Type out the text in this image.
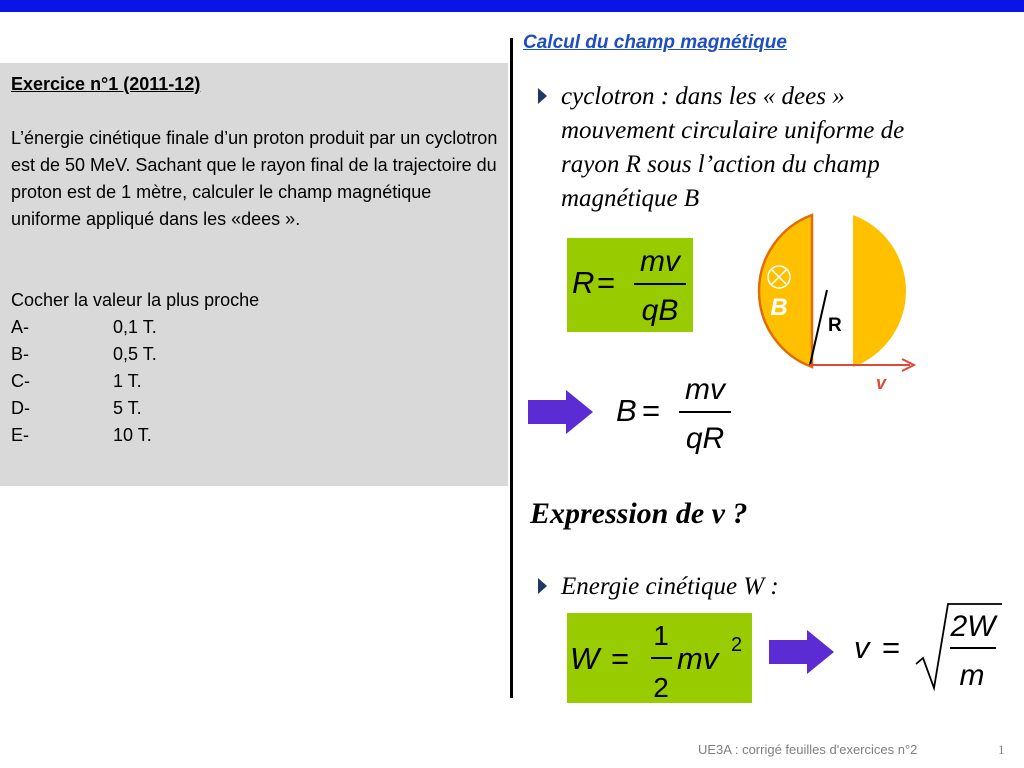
Exercice n°1 (2011-12)

L’énergie cinétique finale d’un proton produit par un cyclotron est de 50 MeV. Sachant que le rayon final de la trajectoire du proton est de 1 mètre, calculer le champ magnétique uniforme appliqué dans les «dees ».

Cocher la valeur la plus proche

A-	0,1 T.
B-	0,5 T.
C-	1 T.
D-	5 T.
E-	10 T.
Calcul du champ magnétique
cyclotron : dans les « dees »
mouvement circulaire uniforme de
rayon R sous l’action du champ
magnétique B
R =
mv
qB	B
R
v
B =
mv
qR
Expression de v ?
Energie cinétique W :
W =
1
2
mv 2	v =
2W
m
UE3A : corrigé feuilles d'exercices n°2	1
